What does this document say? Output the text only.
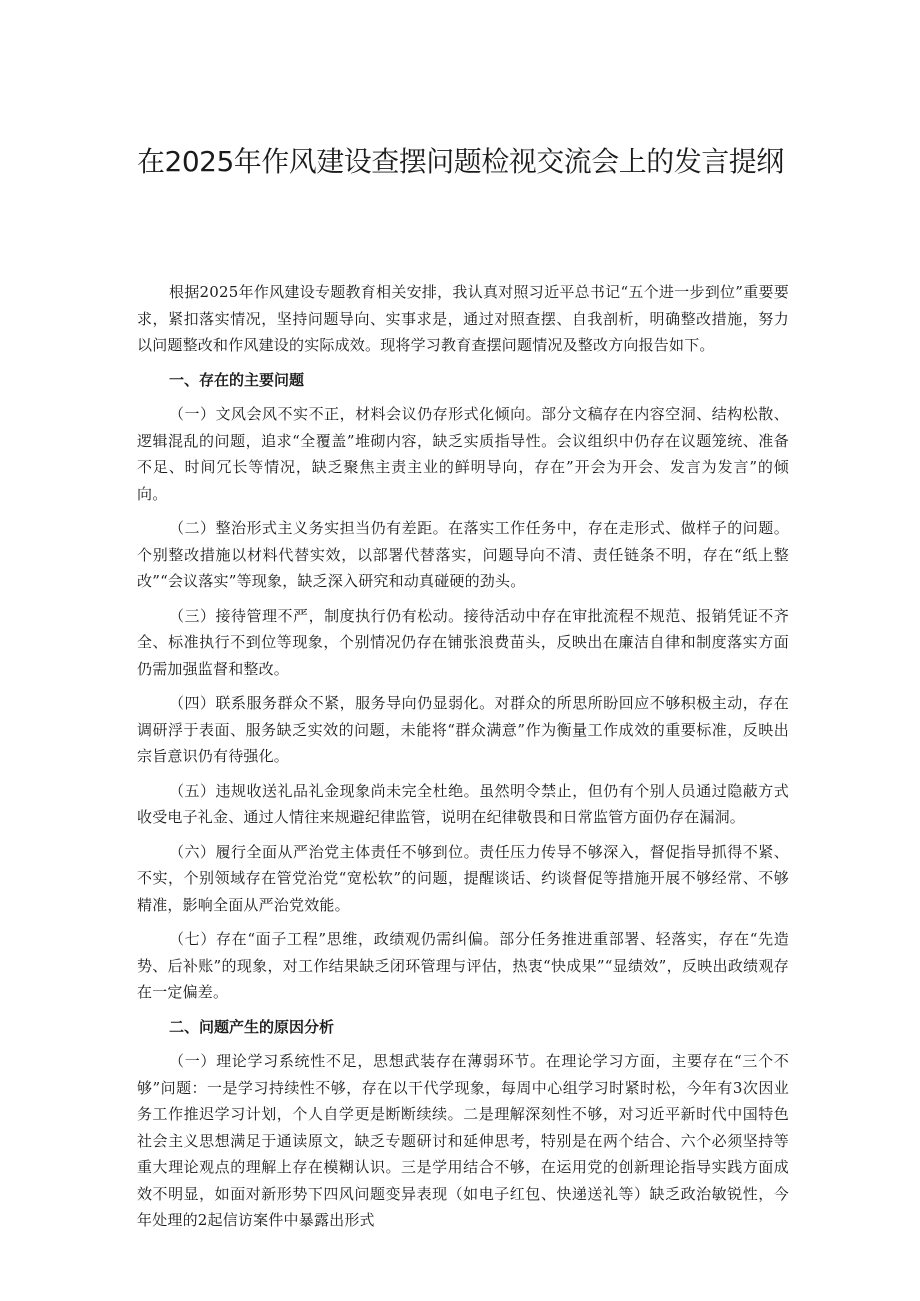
在2025年作风建设查摆问题检视交流会上的发言提纲

根据2025年作风建设专题教育相关安排，我认真对照习近平总书记“五个进一步到位”重要要求，紧扣落实情况，坚持问题导向、实事求是，通过对照查摆、自我剖析，明确整改措施，努力以问题整改和作风建设的实际成效。现将学习教育查摆问题情况及整改方向报告如下。

一、存在的主要问题

（一）文风会风不实不正，材料会议仍存形式化倾向。部分文稿存在内容空洞、结构松散、逻辑混乱的问题，追求“全覆盖”堆砌内容，缺乏实质指导性。会议组织中仍存在议题笼统、准备不足、时间冗长等情况，缺乏聚焦主责主业的鲜明导向，存在”开会为开会、发言为发言”的倾向。

（二）整治形式主义务实担当仍有差距。在落实工作任务中，存在走形式、做样子的问题。个别整改措施以材料代替实效，以部署代替落实，问题导向不清、责任链条不明，存在“纸上整改”“会议落实”等现象，缺乏深入研究和动真碰硬的劲头。

（三）接待管理不严，制度执行仍有松动。接待活动中存在审批流程不规范、报销凭证不齐全、标准执行不到位等现象，个别情况仍存在铺张浪费苗头，反映出在廉洁自律和制度落实方面仍需加强监督和整改。

（四）联系服务群众不紧，服务导向仍显弱化。对群众的所思所盼回应不够积极主动，存在调研浮于表面、服务缺乏实效的问题，未能将“群众满意”作为衡量工作成效的重要标准，反映出宗旨意识仍有待强化。

（五）违规收送礼品礼金现象尚未完全杜绝。虽然明令禁止，但仍有个别人员通过隐蔽方式收受电子礼金、通过人情往来规避纪律监管，说明在纪律敬畏和日常监管方面仍存在漏洞。

（六）履行全面从严治党主体责任不够到位。责任压力传导不够深入，督促指导抓得不紧、不实，个别领域存在管党治党“宽松软”的问题，提醒谈话、约谈督促等措施开展不够经常、不够精准，影响全面从严治党效能。

（七）存在“面子工程”思维，政绩观仍需纠偏。部分任务推进重部署、轻落实，存在“先造势、后补账”的现象，对工作结果缺乏闭环管理与评估，热衷“快成果”“显绩效”，反映出政绩观存在一定偏差。

二、问题产生的原因分析

（一）理论学习系统性不足，思想武装存在薄弱环节。在理论学习方面，主要存在“三个不够”问题：一是学习持续性不够，存在以干代学现象，每周中心组学习时紧时松，今年有3次因业务工作推迟学习计划，个人自学更是断断续续。二是理解深刻性不够，对习近平新时代中国特色社会主义思想满足于通读原文，缺乏专题研讨和延伸思考，特别是在两个结合、六个必须坚持等重大理论观点的理解上存在模糊认识。三是学用结合不够，在运用党的创新理论指导实践方面成效不明显，如面对新形势下四风问题变异表现（如电子红包、快递送礼等）缺乏政治敏锐性，今年处理的2起信访案件中暴露出形式
